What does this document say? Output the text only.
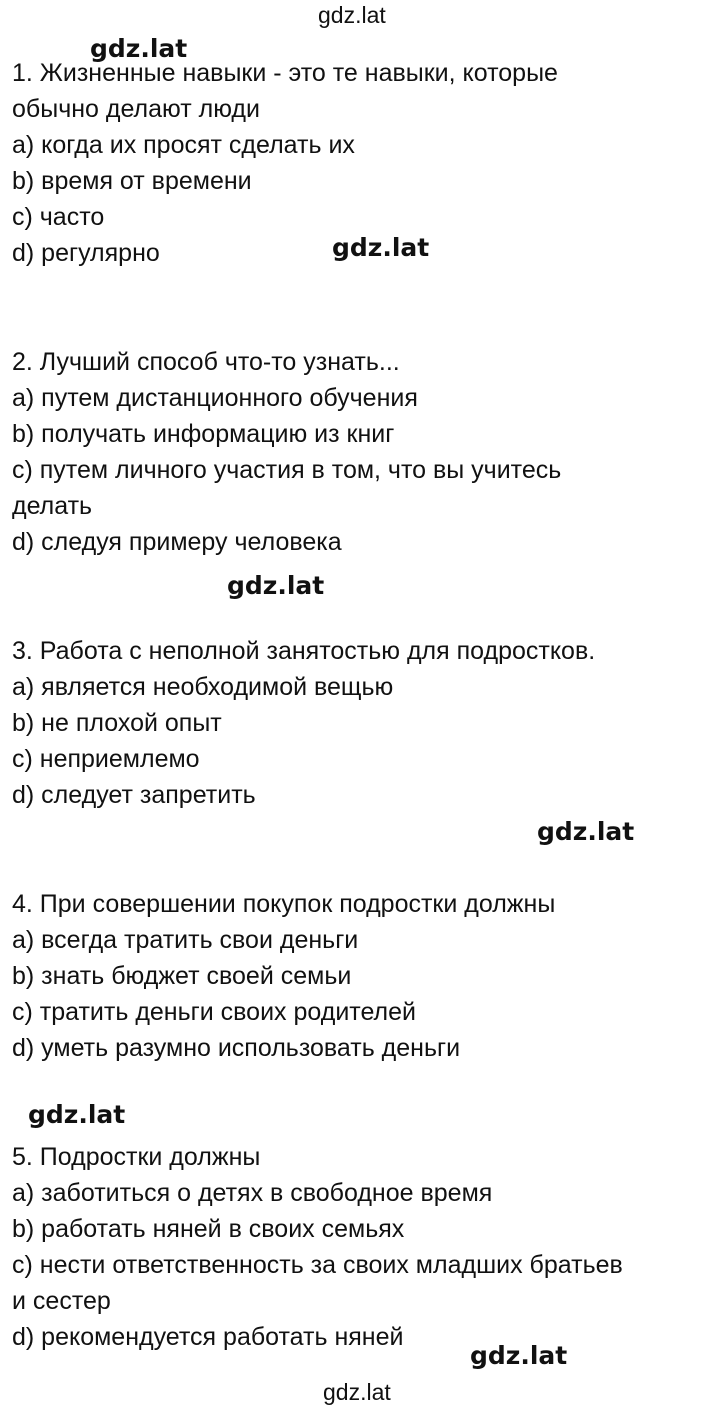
gdz.lat
gdz.lat
gdz.lat
gdz.lat
gdz.lat
gdz.lat
gdz.lat
gdz.lat
1. Жизненные навыки - это те навыки, которые
обычно делают люди
a) когда их просят сделать их
b) время от времени
c) часто
d) регулярно
2. Лучший способ что-то узнать...
a) путем дистанционного обучения
b) получать информацию из книг
c) путем личного участия в том, что вы учитесь
делать
d) следуя примеру человека
3. Работа с неполной занятостью для подростков.
a) является необходимой вещью
b) не плохой опыт
c) неприемлемо
d) следует запретить
4. При совершении покупок подростки должны
a) всегда тратить свои деньги
b) знать бюджет своей семьи
c) тратить деньги своих родителей
d) уметь разумно использовать деньги
5. Подростки должны
a) заботиться о детях в свободное время
b) работать няней в своих семьях
c) нести ответственность за своих младших братьев
и сестер
d) рекомендуется работать няней
